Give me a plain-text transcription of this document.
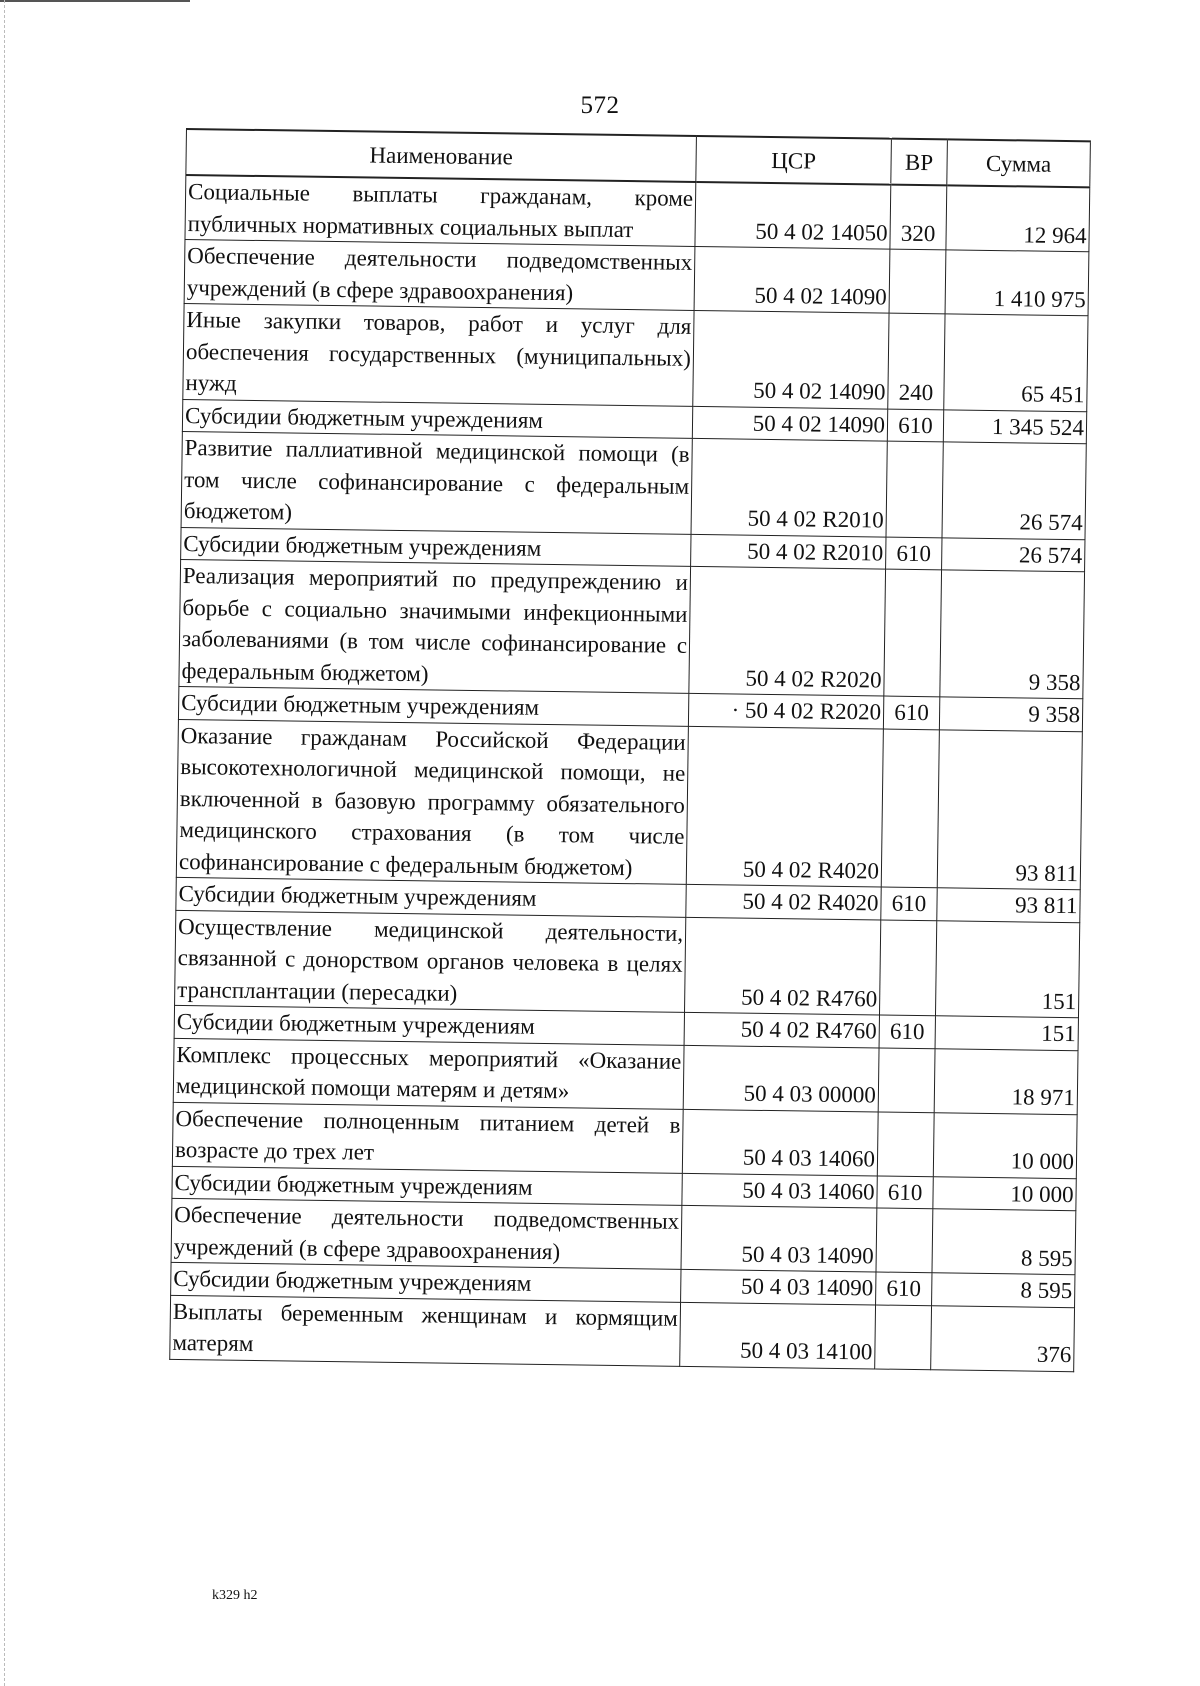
572
Наименование	ЦСР	ВР	Сумма
Социальные выплаты гражданам, кроме публичных нормативных социальных выплат	50 4 02 14050	320	12 964
Обеспечение деятельности подведомственных учреждений (в сфере здравоохранения)	50 4 02 14090		1 410 975
Иные закупки товаров, работ и услуг для обеспечения государственных (муниципальных) нужд	50 4 02 14090	240	65 451
Субсидии бюджетным учреждениям	50 4 02 14090	610	1 345 524
Развитие паллиативной медицинской помощи (в том числе софинансирование с федеральным бюджетом)	50 4 02 R2010		26 574
Субсидии бюджетным учреждениям	50 4 02 R2010	610	26 574
Реализация мероприятий по предупреждению и борьбе с социально значимыми инфекционными заболеваниями (в том числе софинансирование с федеральным бюджетом)	50 4 02 R2020		9 358
Субсидии бюджетным учреждениям	· 50 4 02 R2020	610	9 358
Оказание гражданам Российской Федерации высокотехнологичной медицинской помощи, не включенной в базовую программу обязательного медицинского страхования (в том числе софинансирование с федеральным бюджетом)	50 4 02 R4020		93 811
Субсидии бюджетным учреждениям	50 4 02 R4020	610	93 811
Осуществление медицинской деятельности, связанной с донорством органов человека в целях трансплантации (пересадки)	50 4 02 R4760		151
Субсидии бюджетным учреждениям	50 4 02 R4760	610	151
Комплекс процессных мероприятий «Оказание медицинской помощи матерям и детям»	50 4 03 00000		18 971
Обеспечение полноценным питанием детей в возрасте до трех лет	50 4 03 14060		10 000
Субсидии бюджетным учреждениям	50 4 03 14060	610	10 000
Обеспечение деятельности подведомственных учреждений (в сфере здравоохранения)	50 4 03 14090		8 595
Субсидии бюджетным учреждениям	50 4 03 14090	610	8 595
Выплаты беременным женщинам и кормящим матерям	50 4 03 14100		376
k329 h2
